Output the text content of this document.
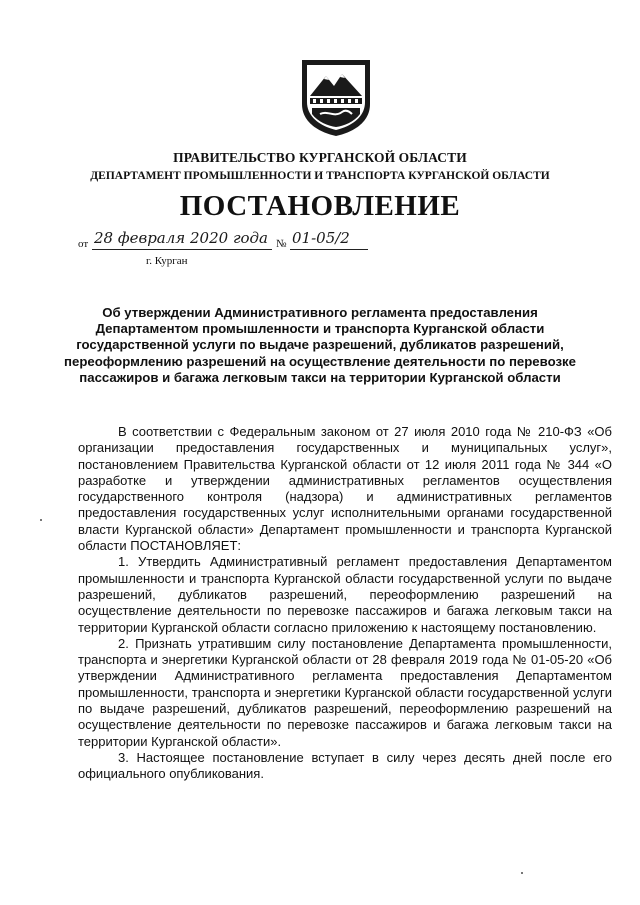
ПРАВИТЕЛЬСТВО КУРГАНСКОЙ ОБЛАСТИ
ДЕПАРТАМЕНТ ПРОМЫШЛЕННОСТИ И ТРАНСПОРТА КУРГАНСКОЙ ОБЛАСТИ
ПОСТАНОВЛЕНИЕ
от 28 февраля 2020 года № 01-05/2
г. Курган
Об утверждении Административного регламента предоставления Департаментом промышленности и транспорта Курганской области государственной услуги по выдаче разрешений, дубликатов разрешений, переоформлению разрешений на осуществление деятельности по перевозке пассажиров и багажа легковым такси на территории Курганской области

В соответствии с Федеральным законом от 27 июля 2010 года № 210-ФЗ «Об организации предоставления государственных и муниципальных услуг», постановлением Правительства Курганской области от 12 июля 2011 года № 344 «О разработке и утверждении административных регламентов осуществления государственного контроля (надзора) и административных регламентов предоставления государственных услуг исполнительными органами государственной власти Курганской области» Департамент промышленности и транспорта Курганской области ПОСТАНОВЛЯЕТ:

1. Утвердить Административный регламент предоставления Департаментом промышленности и транспорта Курганской области государственной услуги по выдаче разрешений, дубликатов разрешений, переоформлению разрешений на осуществление деятельности по перевозке пассажиров и багажа легковым такси на территории Курганской области согласно приложению к настоящему постановлению.

2. Признать утратившим силу постановление Департамента промышленности, транспорта и энергетики Курганской области от 28 февраля 2019 года № 01-05-20 «Об утверждении Административного регламента предоставления Департаментом промышленности, транспорта и энергетики Курганской области государственной услуги по выдаче разрешений, дубликатов разрешений, переоформлению разрешений на осуществление деятельности по перевозке пассажиров и багажа легковым такси на территории Курганской области».

3. Настоящее постановление вступает в силу через десять дней после его официального опубликования.
